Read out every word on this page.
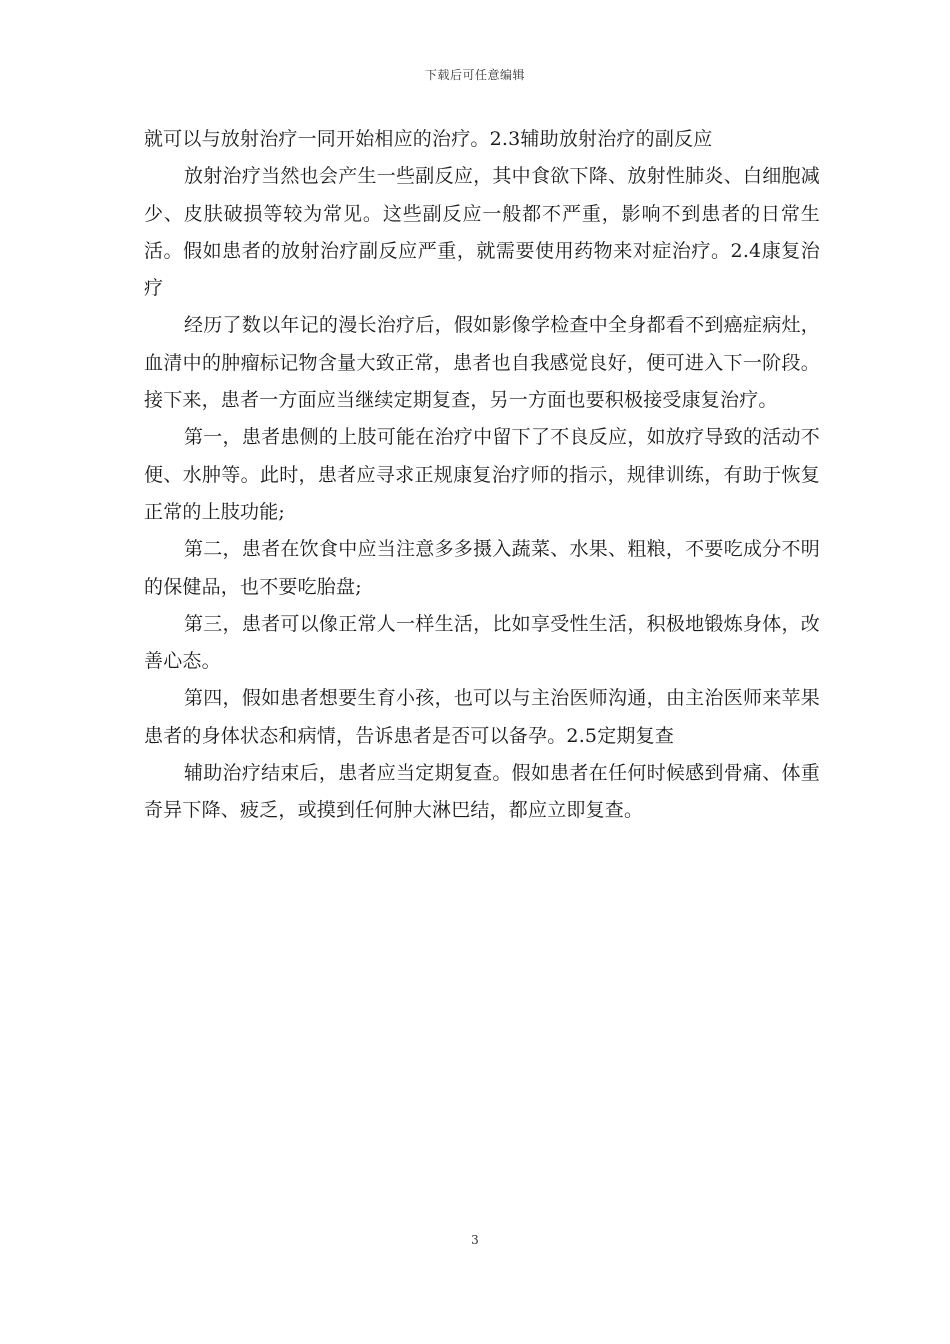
下载后可任意编辑

就可以与放射治疗一同开始相应的治疗。2.3辅助放射治疗的副反应

放射治疗当然也会产生一些副反应，其中食欲下降、放射性肺炎、白细胞减少、皮肤破损等较为常见。这些副反应一般都不严重，影响不到患者的日常生活。假如患者的放射治疗副反应严重，就需要使用药物来对症治疗。2.4康复治疗

经历了数以年记的漫长治疗后，假如影像学检查中全身都看不到癌症病灶，血清中的肿瘤标记物含量大致正常，患者也自我感觉良好，便可进入下一阶段。接下来，患者一方面应当继续定期复查，另一方面也要积极接受康复治疗。

第一，患者患侧的上肢可能在治疗中留下了不良反应，如放疗导致的活动不便、水肿等。此时，患者应寻求正规康复治疗师的指示，规律训练，有助于恢复正常的上肢功能;

第二，患者在饮食中应当注意多多摄入蔬菜、水果、粗粮，不要吃成分不明的保健品，也不要吃胎盘;

第三，患者可以像正常人一样生活，比如享受性生活，积极地锻炼身体，改善心态。

第四，假如患者想要生育小孩，也可以与主治医师沟通，由主治医师来苹果患者的身体状态和病情，告诉患者是否可以备孕。2.5定期复查

辅助治疗结束后，患者应当定期复查。假如患者在任何时候感到骨痛、体重奇异下降、疲乏，或摸到任何肿大淋巴结，都应立即复查。

3
